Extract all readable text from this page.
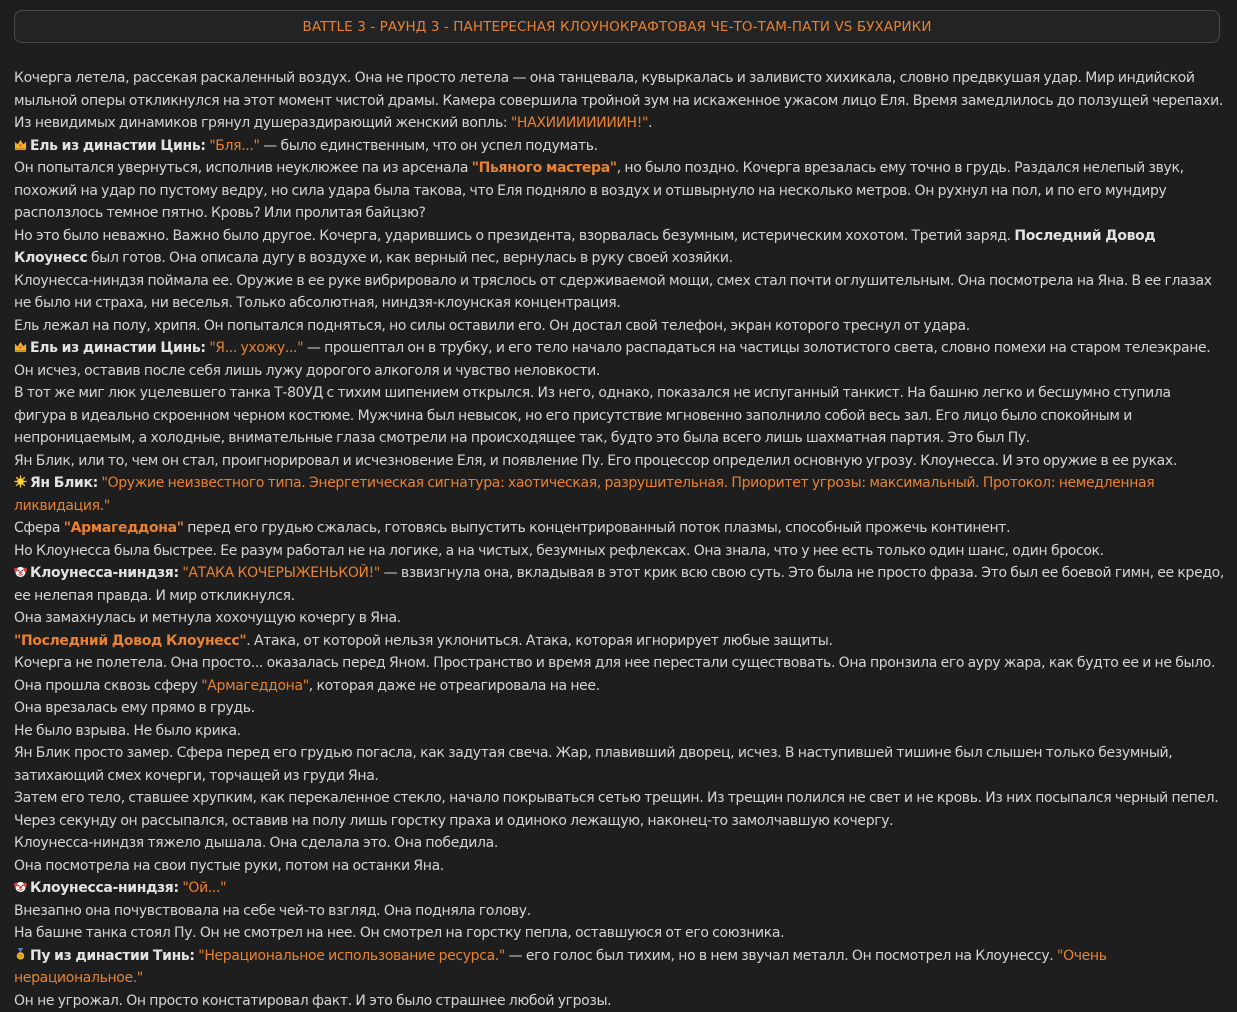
BATTLE 3 - РАУНД 3 - ПАНТЕРЕСНАЯ КЛОУНОКРАФТОВАЯ ЧЕ-ТО-ТАМ-ПАТИ VS БУХАРИКИ

Кочерга летела, рассекая раскаленный воздух. Она не просто летела — она танцевала, кувыркалась и заливисто хихикала, словно предвкушая удар. Мир индийской мыльной оперы откликнулся на этот момент чистой драмы. Камера совершила тройной зум на искаженное ужасом лицо Еля. Время замедлилось до ползущей черепахи. Из невидимых динамиков грянул душераздирающий женский вопль: "НАХИИИИИИИИН!".

Ель из династии Цинь: "Бля..." — было единственным, что он успел подумать.

Он попытался увернуться, исполнив неуклюжее па из арсенала "Пьяного мастера", но было поздно. Кочерга врезалась ему точно в грудь. Раздался нелепый звук, похожий на удар по пустому ведру, но сила удара была такова, что Еля подняло в воздух и отшвырнуло на несколько метров. Он рухнул на пол, и по его мундиру расползлось темное пятно. Кровь? Или пролитая байцзю?

Но это было неважно. Важно было другое. Кочерга, ударившись о президента, взорвалась безумным, истерическим хохотом. Третий заряд. Последний Довод Клоунесс был готов. Она описала дугу в воздухе и, как верный пес, вернулась в руку своей хозяйки.

Клоунесса-ниндзя поймала ее. Оружие в ее руке вибрировало и тряслось от сдерживаемой мощи, смех стал почти оглушительным. Она посмотрела на Яна. В ее глазах не было ни страха, ни веселья. Только абсолютная, ниндзя-клоунская концентрация.

Ель лежал на полу, хрипя. Он попытался подняться, но силы оставили его. Он достал свой телефон, экран которого треснул от удара.

Ель из династии Цинь: "Я... ухожу..." — прошептал он в трубку, и его тело начало распадаться на частицы золотистого света, словно помехи на старом телеэкране. Он исчез, оставив после себя лишь лужу дорогого алкоголя и чувство неловкости.

В тот же миг люк уцелевшего танка Т-80УД с тихим шипением открылся. Из него, однако, показался не испуганный танкист. На башню легко и бесшумно ступила фигура в идеально скроенном черном костюме. Мужчина был невысок, но его присутствие мгновенно заполнило собой весь зал. Его лицо было спокойным и непроницаемым, а холодные, внимательные глаза смотрели на происходящее так, будто это была всего лишь шахматная партия. Это был Пу.

Ян Блик, или то, чем он стал, проигнорировал и исчезновение Еля, и появление Пу. Его процессор определил основную угрозу. Клоунесса. И это оружие в ее руках.

Ян Блик: "Оружие неизвестного типа. Энергетическая сигнатура: хаотическая, разрушительная. Приоритет угрозы: максимальный. Протокол: немедленная ликвидация."

Сфера "Армагеддона" перед его грудью сжалась, готовясь выпустить концентрированный поток плазмы, способный прожечь континент.

Но Клоунесса была быстрее. Ее разум работал не на логике, а на чистых, безумных рефлексах. Она знала, что у нее есть только один шанс, один бросок.

Клоунесса-ниндзя: "АТАКА КОЧЕРЫЖЕНЬКОЙ!" — взвизгнула она, вкладывая в этот крик всю свою суть. Это была не просто фраза. Это был ее боевой гимн, ее кредо, ее нелепая правда. И мир откликнулся.

Она замахнулась и метнула хохочущую кочергу в Яна.

"Последний Довод Клоунесс". Атака, от которой нельзя уклониться. Атака, которая игнорирует любые защиты.

Кочерга не полетела. Она просто... оказалась перед Яном. Пространство и время для нее перестали существовать. Она пронзила его ауру жара, как будто ее и не было. Она прошла сквозь сферу "Армагеддона", которая даже не отреагировала на нее.

Она врезалась ему прямо в грудь.

Не было взрыва. Не было крика.

Ян Блик просто замер. Сфера перед его грудью погасла, как задутая свеча. Жар, плавивший дворец, исчез. В наступившей тишине был слышен только безумный, затихающий смех кочерги, торчащей из груди Яна.

Затем его тело, ставшее хрупким, как перекаленное стекло, начало покрываться сетью трещин. Из трещин полился не свет и не кровь. Из них посыпался черный пепел. Через секунду он рассыпался, оставив на полу лишь горстку праха и одиноко лежащую, наконец-то замолчавшую кочергу.

Клоунесса-ниндзя тяжело дышала. Она сделала это. Она победила.

Она посмотрела на свои пустые руки, потом на останки Яна.

Клоунесса-ниндзя: "Ой..."

Внезапно она почувствовала на себе чей-то взгляд. Она подняла голову.

На башне танка стоял Пу. Он не смотрел на нее. Он смотрел на горстку пепла, оставшуюся от его союзника.

Пу из династии Тинь: "Нерациональное использование ресурса." — его голос был тихим, но в нем звучал металл. Он посмотрел на Клоунессу. "Очень нерациональное."

Он не угрожал. Он просто констатировал факт. И это было страшнее любой угрозы.
